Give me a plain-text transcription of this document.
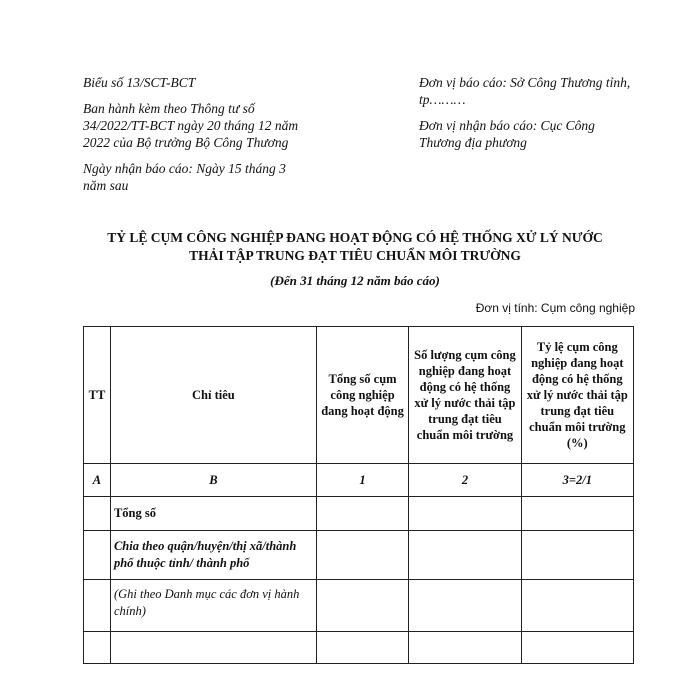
Biểu số 13/SCT-BCT

Ban hành kèm theo Thông tư số 34/2022/TT-BCT ngày 20 tháng 12 năm 2022 của Bộ trưởng Bộ Công Thương

Ngày nhận báo cáo: Ngày 15 tháng 3 năm sau

Đơn vị báo cáo: Sở Công Thương tỉnh, tp………

Đơn vị nhận báo cáo: Cục Công Thương địa phương

TỶ LỆ CỤM CÔNG NGHIỆP ĐANG HOẠT ĐỘNG CÓ HỆ THỐNG XỬ LÝ NƯỚC

THẢI TẬP TRUNG ĐẠT TIÊU CHUẨN MÔI TRƯỜNG

(Đến 31 tháng 12 năm báo cáo)
Đơn vị tính: Cụm công nghiệp
TT	Chỉ tiêu	Tổng số cụm công nghiệp đang hoạt động	Số lượng cụm công nghiệp đang hoạt động có hệ thống xử lý nước thải tập trung đạt tiêu chuẩn môi trường	Tỷ lệ cụm công nghiệp đang hoạt động có hệ thống xử lý nước thải tập trung đạt tiêu chuẩn môi trường (%)
A	B	1	2	3=2/1
	Tổng số			
	Chia theo quận/huyện/thị xã/thành phố thuộc tỉnh/ thành phố			
	(Ghi theo Danh mục các đơn vị hành chính)			
